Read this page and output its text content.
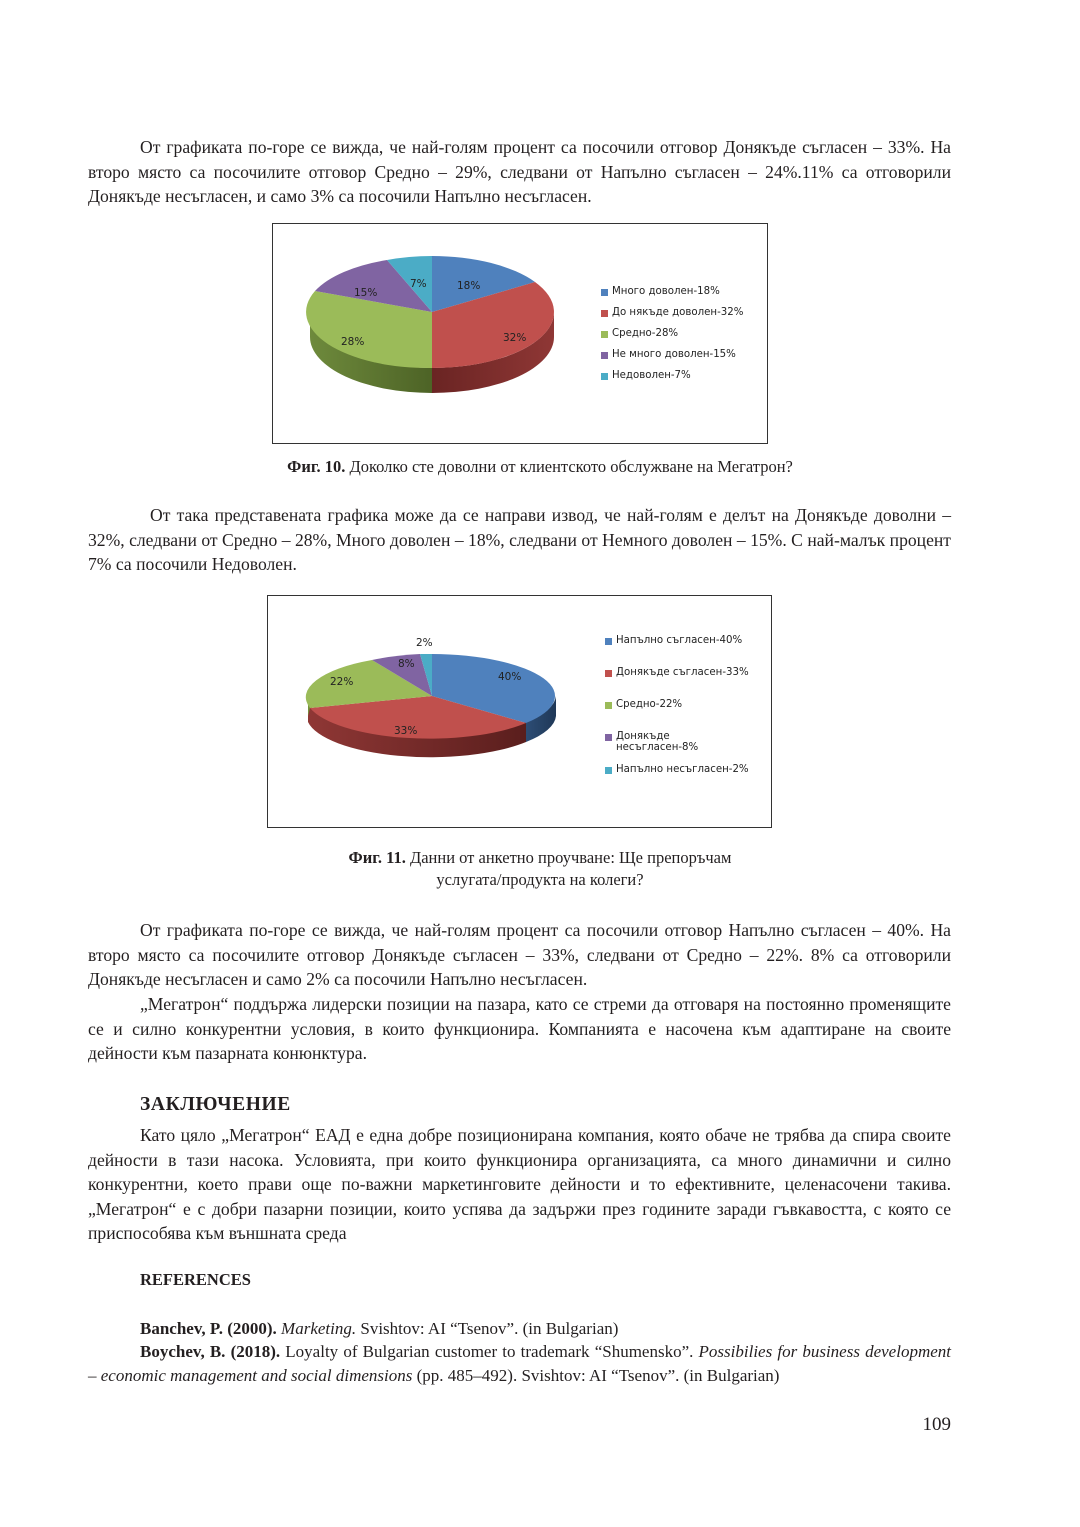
От графиката по-горе се вижда, че най-голям процент са посочили отговор Донякъде съгласен – 33%. На второ място са посочилите отговор Средно – 29%, следвани от Напълно съгласен – 24%.11% са отговорили Донякъде несъгласен, и само 3% са посочили Напълно несъгласен.

18%
32%
28%
15%
7%
Много доволен-18%
До някъде доволен-32%
Средно-28%
Не много доволен-15%
Недоволен-7%
Фиг. 10. Доколко сте доволни от клиентското обслужване на Мегатрон?

От така представената графика може да се направи извод, че най-голям е делът на Донякъде доволни – 32%, следвани от Средно – 28%, Много доволен – 18%, следвани от Немного доволен – 15%. С най-малък процент 7% са посочили Недоволен.

40%
33%
22%
8%
2%	Напълно съгласен-40%
Донякъде съгласен-33%
Средно-22%
Донякъде несъгласен-8%
Напълно несъгласен-2%
Фиг. 11. Данни от анкетно проучване: Ще препоръчам
услугата/продукта на колеги?

От графиката по-горе се вижда, че най-голям процент са посочили отговор Напълно съгласен – 40%. На второ място са посочилите отговор Донякъде съгласен – 33%, следвани от Средно – 22%. 8% са отговорили Донякъде несъгласен и само 2% са посочили Напълно несъгласен.

„Мегатрон“ поддържа лидерски позиции на пазара, като се стреми да отговаря на постоянно променящите се и силно конкурентни условия, в които функционира. Компанията е насочена към адаптиране на своите дейности към пазарната конюнктура.

ЗАКЛЮЧЕНИЕ

Като цяло „Мегатрон“ ЕАД е една добре позиционирана компания, която обаче не трябва да спира своите дейности в тази насока. Условията, при които функционира организацията, са много динамични и силно конкурентни, което прави още по-важни маркетинговите дейности и то ефективните, целенасочени такива. „Мегатрон“ е с добри пазарни позиции, които успява да задържи през годините заради гъвкавостта, с която се приспособява към външната среда

REFERENCES

Banchev, P. (2000). Marketing. Svishtov: AI “Tsenov”. (in Bulgarian)

Boychev, B. (2018). Loyalty of Bulgarian customer to trademark “Shumensko”. Possibilies for business development – economic management and social dimensions (pp. 485–492). Svishtov: AI “Tsenov”. (in Bulgarian)

109
